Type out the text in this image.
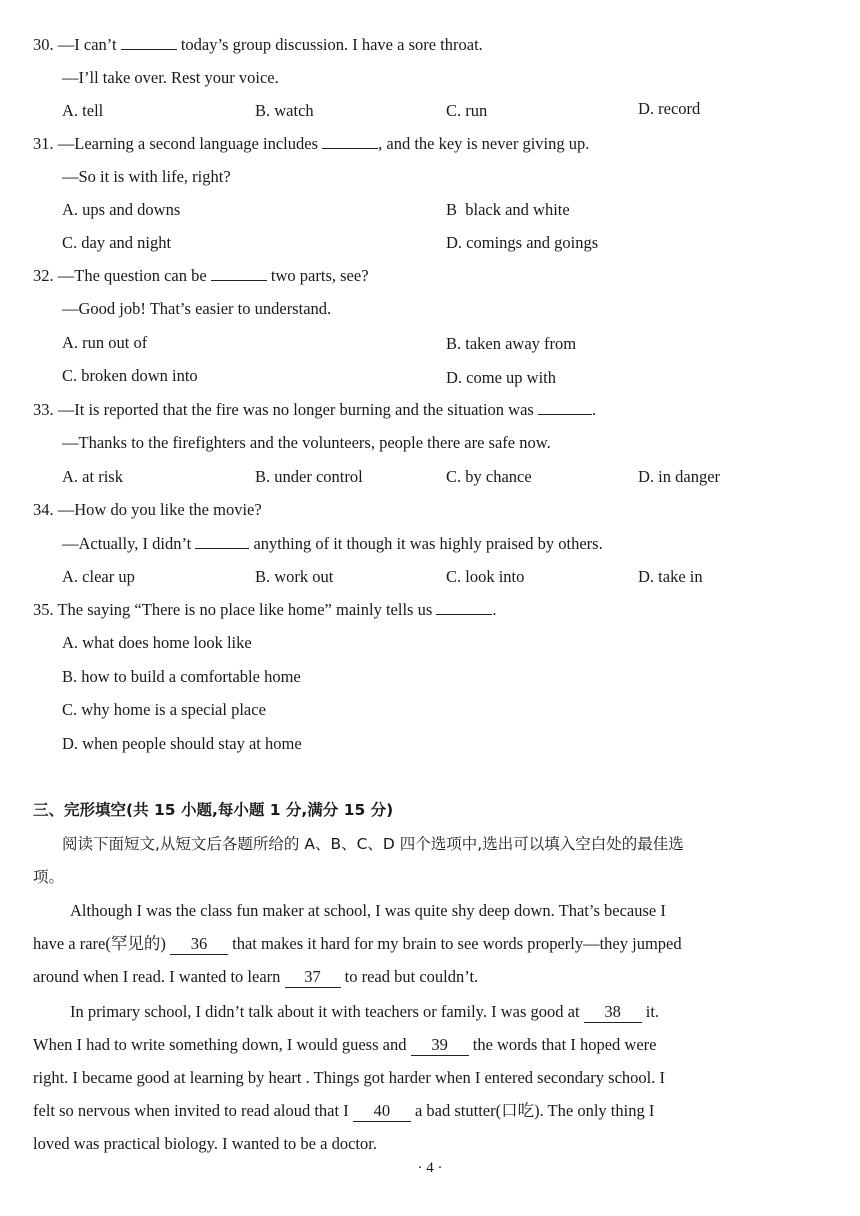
30. —I can’t	today’s group discussion. I have a sore throat.
—I’ll take over. Rest your voice.
A. tell	B. watch	C. run	D. record
31. —Learning a second language includes	, and the key is never giving up.
—So it is with life, right?
A. ups and downs	B  black and white
C. day and night	D. comings and goings
32. —The question can be	two parts, see?
—Good job! That’s easier to understand.
A. run out of	B. taken away from
C. broken down into	D. come up with
33. —It is reported that the fire was no longer burning and the situation was	.
—Thanks to the firefighters and the volunteers, people there are safe now.
A. at risk	B. under control	C. by chance	D. in danger
34. —How do you like the movie?
—Actually, I didn’t	anything of it though it was highly praised by others.
A. clear up	B. work out	C. look into	D. take in
35. The saying “There is no place like home” mainly tells us	.
A. what does home look like
B. how to build a comfortable home
C. why home is a special place
D. when people should stay at home
三、完形填空(共 15 小题,每小题 1 分,满分 15 分)
阅读下面短文,从短文后各题所给的 A、B、C、D 四个选项中,选出可以填入空白处的最佳选
项。
Although I was the class fun maker at school, I was quite shy deep down. That’s because I
have a rare(罕见的) 36 that makes it hard for my brain to see words properly—they jumped
around when I read. I wanted to learn 37 to read but couldn’t.
In primary school, I didn’t talk about it with teachers or family. I was good at 38 it.
When I had to write something down, I would guess and 39 the words that I hoped were
right. I became good at learning by heart . Things got harder when I entered secondary school. I
felt so nervous when invited to read aloud that I 40 a bad stutter(口吃). The only thing I
loved was practical biology. I wanted to be a doctor.
· 4 ·
